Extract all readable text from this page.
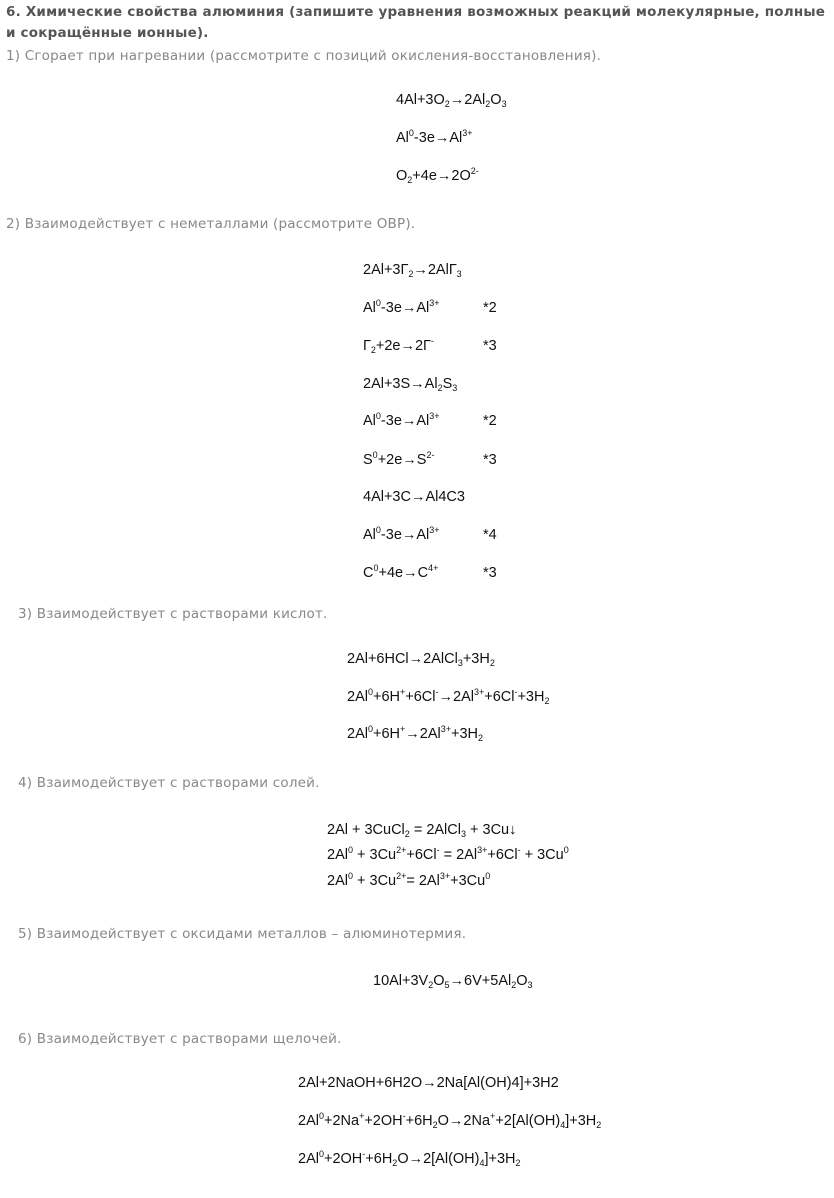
6. Химические свойства алюминия (запишите уравнения возможных реакций молекулярные, полные и сокращённые ионные).
1) Сгорает при нагревании (рассмотрите с позиций окисления-восстановления).
$4Al+3O_2\to 2Al_2O_3$
$Al^0-3e\to Al^{3+}$
$O_2+4e\to 2O^{2-}$
2) Взаимодействует с неметаллами (рассмотрите ОВР).
$2Al+3Г_2\to 2AlГ_3$
$Al^0-3e\to Al^{3+}$	*2
$Г_2+2e\to 2Г^-$	*3
$2Al+3S\to Al_2S_3$
$Al^0-3e\to Al^{3+}$	*2
$S^0+2e\to S^{2-}$	*3
4Al+3C→Al4C3
$Al^0-3e\to Al^{3+}$	*4
$C^0+4e\to C^{4+}$	*3
3) Взаимодействует с растворами кислот.
$2Al+6HCl\to 2AlCl_3+3H_2$
$2Al^0+6H^++6Cl^-\to 2Al^{3+}+6Cl^-+3H_2$
$2Al^0+6H^+\to 2Al^{3+}+3H_2$
4) Взаимодействует с растворами солей.
2Al + 3CuCl$_2$ = 2AlCl$_3$ + 3Cu↓
$2Al^0 + 3Cu^{2+}+6Cl^- = 2Al^{3+}+6Cl^- + 3Cu^0$
$2Al^0 + 3Cu^{2+}= 2Al^{3+}+3Cu^0$
5) Взаимодействует с оксидами металлов – алюминотермия.
$10Al+3V_2O_5\to 6V+5Al_2O_3$
6) Взаимодействует с растворами щелочей.
2Al+2NaOH+6H2O→2Na[Al(OH)4]+3H2
$2Al^0+2Na^++2OH^-+6H_2O\to 2Na^++2[Al(OH)_4]+3H_2$
$2Al^0+2OH^-+6H_2O\to 2[Al(OH)_4]+3H_2$
